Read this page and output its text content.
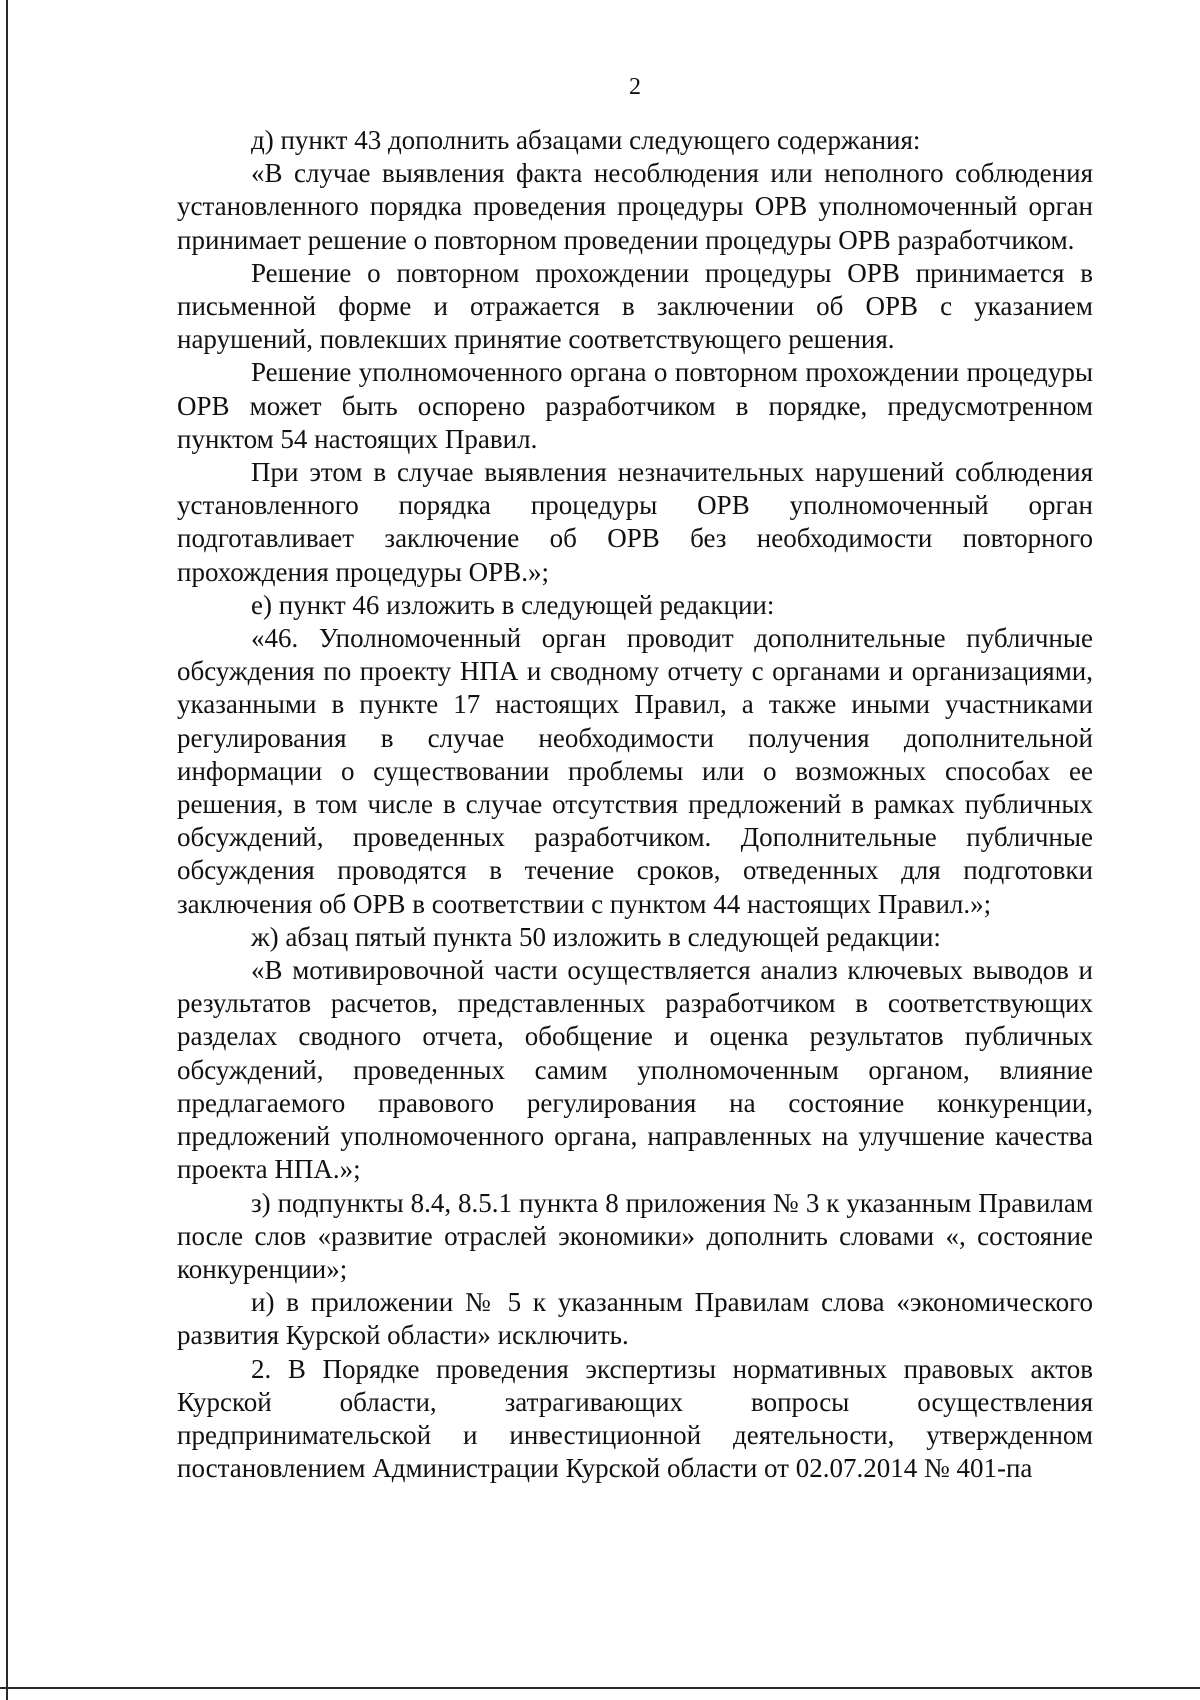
2

д) пункт 43 дополнить абзацами следующего содержания:

«В случае выявления факта несоблюдения или неполного соблюдения установленного порядка проведения процедуры ОРВ уполномоченный орган принимает решение о повторном проведении процедуры ОРВ разработчиком.

Решение о повторном прохождении процедуры ОРВ принимается в письменной форме и отражается в заключении об ОРВ с указанием нарушений, повлекших принятие соответствующего решения.

Решение уполномоченного органа о повторном прохождении процедуры ОРВ может быть оспорено разработчиком в порядке, предусмотренном пунктом 54 настоящих Правил.

При этом в случае выявления незначительных нарушений соблюдения установленного порядка процедуры ОРВ уполномоченный орган подготавливает заключение об ОРВ без необходимости повторного прохождения процедуры ОРВ.»;

е) пункт 46 изложить в следующей редакции:

«46. Уполномоченный орган проводит дополнительные публичные обсуждения по проекту НПА и сводному отчету с органами и организациями, указанными в пункте 17 настоящих Правил, а также иными участниками регулирования в случае необходимости получения дополнительной информации о существовании проблемы или о возможных способах ее решения, в том числе в случае отсутствия предложений в рамках публичных обсуждений, проведенных разработчиком. Дополнительные публичные обсуждения проводятся в течение сроков, отведенных для подготовки заключения об ОРВ в соответствии с пунктом 44 настоящих Правил.»;

ж) абзац пятый пункта 50 изложить в следующей редакции:

«В мотивировочной части осуществляется анализ ключевых выводов и результатов расчетов, представленных разработчиком в соответствующих разделах сводного отчета, обобщение и оценка результатов публичных обсуждений, проведенных самим уполномоченным органом, влияние предлагаемого правового регулирования на состояние конкуренции, предложений уполномоченного органа, направленных на улучшение качества проекта НПА.»;

з) подпункты 8.4, 8.5.1 пункта 8 приложения № 3 к указанным Правилам после слов «развитие отраслей экономики» дополнить словами «, состояние конкуренции»;

и) в приложении № 5 к указанным Правилам слова «экономического развития Курской области» исключить.

2. В Порядке проведения экспертизы нормативных правовых актов Курской области, затрагивающих вопросы осуществления предпринимательской и инвестиционной деятельности, утвержденном постановлением Администрации Курской области от 02.07.2014 № 401-па
